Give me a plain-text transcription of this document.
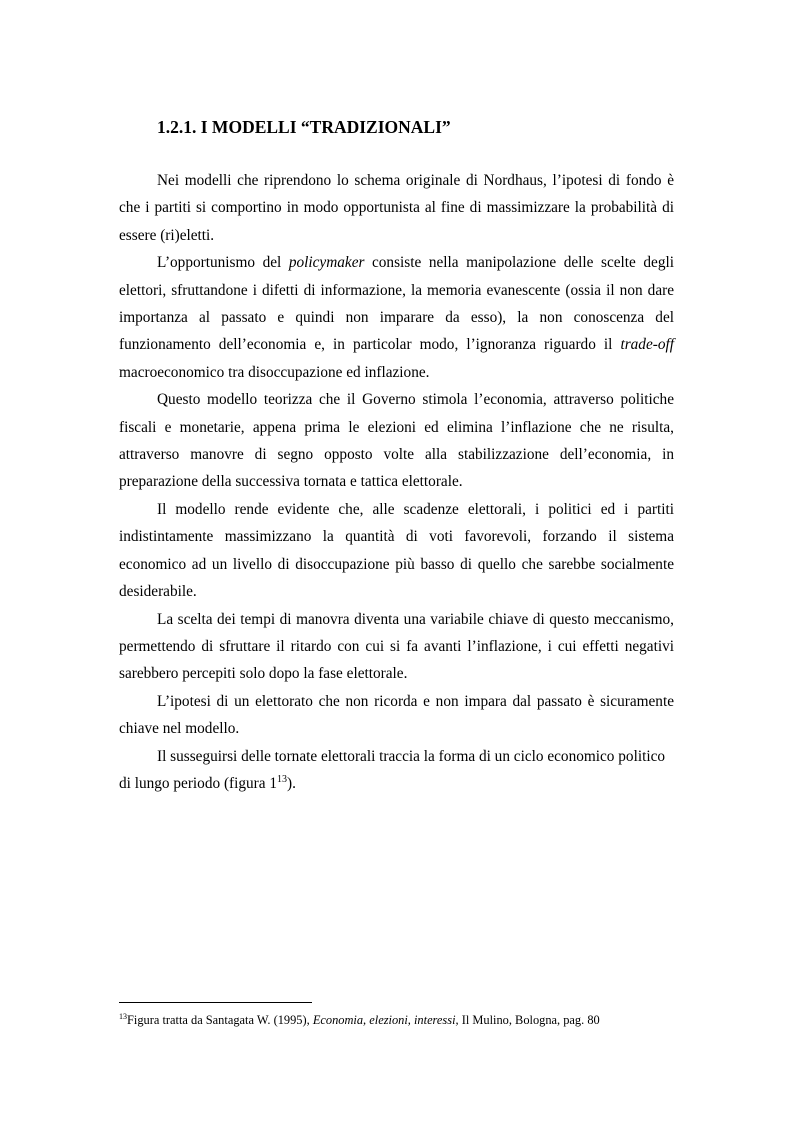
1.2.1. I MODELLI “TRADIZIONALI”

Nei modelli che riprendono lo schema originale di Nordhaus, l’ipotesi di fondo è che i partiti si comportino in modo opportunista al fine di massimizzare la probabilità di essere (ri)eletti.

L’opportunismo del policymaker consiste nella manipolazione delle scelte degli elettori, sfruttandone i difetti di informazione, la memoria evanescente (ossia il non dare importanza al passato e quindi non imparare da esso), la non conoscenza del funzionamento dell’economia e, in particolar modo, l’ignoranza riguardo il trade-off macroeconomico tra disoccupazione ed inflazione.

Questo modello teorizza che il Governo stimola l’economia, attraverso politiche fiscali e monetarie, appena prima le elezioni ed elimina l’inflazione che ne risulta, attraverso manovre di segno opposto volte alla stabilizzazione dell’economia, in preparazione della successiva tornata e tattica elettorale.

Il modello rende evidente che, alle scadenze elettorali, i politici ed i partiti indistintamente massimizzano la quantità di voti favorevoli, forzando il sistema economico ad un livello di disoccupazione più basso di quello che sarebbe socialmente desiderabile.

La scelta dei tempi di manovra diventa una variabile chiave di questo meccanismo, permettendo di sfruttare il ritardo con cui si fa avanti l’inflazione, i cui effetti negativi sarebbero percepiti solo dopo la fase elettorale.

L’ipotesi di un elettorato che non ricorda e non impara dal passato è sicuramente chiave nel modello.

Il susseguirsi delle tornate elettorali traccia la forma di un ciclo economico politico di lungo periodo (figura $1^{13}$).

$^{13}$Figura tratta da Santagata W. (1995), Economia, elezioni, interessi, Il Mulino, Bologna, pag. 80
